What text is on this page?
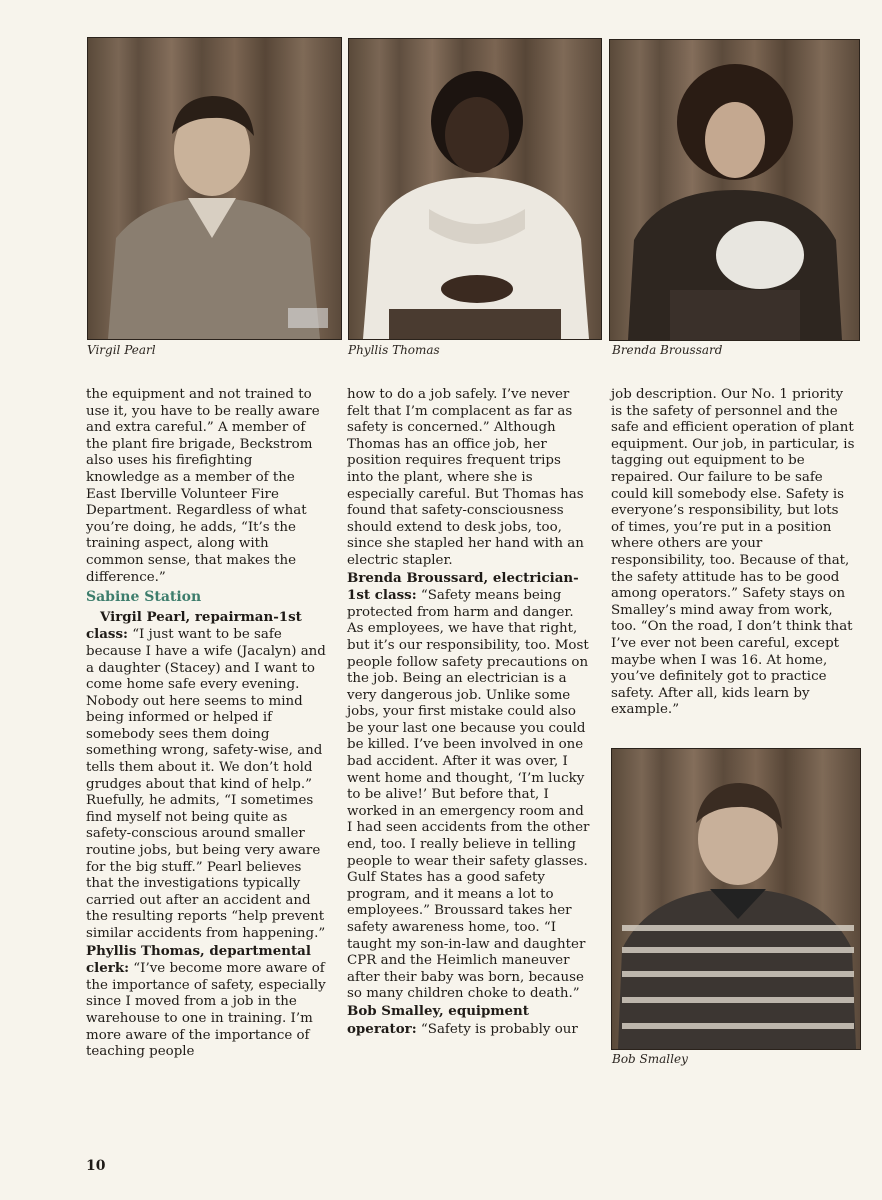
Virgil Pearl	Phyllis Thomas	Brenda Broussard
Bob Smalley

the equipment and not trained to use it, you have to be really aware and extra careful.” A member of the plant fire brigade, Beckstrom also uses his firefighting knowledge as a member of the East Iberville Volunteer Fire Department. Regardless of what you’re doing, he adds, “It’s the training aspect, along with common sense, that makes the difference.”

Sabine Station

Virgil Pearl, repairman-1st class: “I just want to be safe because I have a wife (Jacalyn) and a daughter (Stacey) and I want to come home safe every evening. Nobody out here seems to mind being informed or helped if somebody sees them doing something wrong, safety-wise, and tells them about it. We don’t hold grudges about that kind of help.” Ruefully, he admits, “I sometimes find myself not being quite as safety-conscious around smaller routine jobs, but being very aware for the big stuff.” Pearl believes that the investigations typically carried out after an accident and the resulting reports “help prevent similar accidents from happening.”

Phyllis Thomas, departmental clerk: “I’ve become more aware of the importance of safety, especially since I moved from a job in the warehouse to one in training. I’m more aware of the importance of teaching people

how to do a job safely. I’ve never felt that I’m complacent as far as safety is concerned.” Although Thomas has an office job, her position requires frequent trips into the plant, where she is especially careful. But Thomas has found that safety-consciousness should extend to desk jobs, too, since she stapled her hand with an electric stapler.

Brenda Broussard, electrician-1st class: “Safety means being protected from harm and danger. As employees, we have that right, but it’s our responsibility, too. Most people follow safety precautions on the job. Being an electrician is a very dangerous job. Unlike some jobs, your first mistake could also be your last one because you could be killed. I’ve been involved in one bad accident. After it was over, I went home and thought, ‘I’m lucky to be alive!’ But before that, I worked in an emergency room and I had seen accidents from the other end, too. I really believe in telling people to wear their safety glasses. Gulf States has a good safety program, and it means a lot to employees.” Broussard takes her safety awareness home, too. “I taught my son-in-law and daughter CPR and the Heimlich maneuver after their baby was born, because so many children choke to death.”

Bob Smalley, equipment operator: “Safety is probably our

job description. Our No. 1 priority is the safety of personnel and the safe and efficient operation of plant equipment. Our job, in particular, is tagging out equipment to be repaired. Our failure to be safe could kill somebody else. Safety is everyone’s responsibility, but lots of times, you’re put in a position where others are your responsibility, too. Because of that, the safety attitude has to be good among operators.” Safety stays on Smalley’s mind away from work, too. “On the road, I don’t think that I’ve ever not been careful, except maybe when I was 16. At home, you’ve definitely got to practice safety. After all, kids learn by example.”

10
